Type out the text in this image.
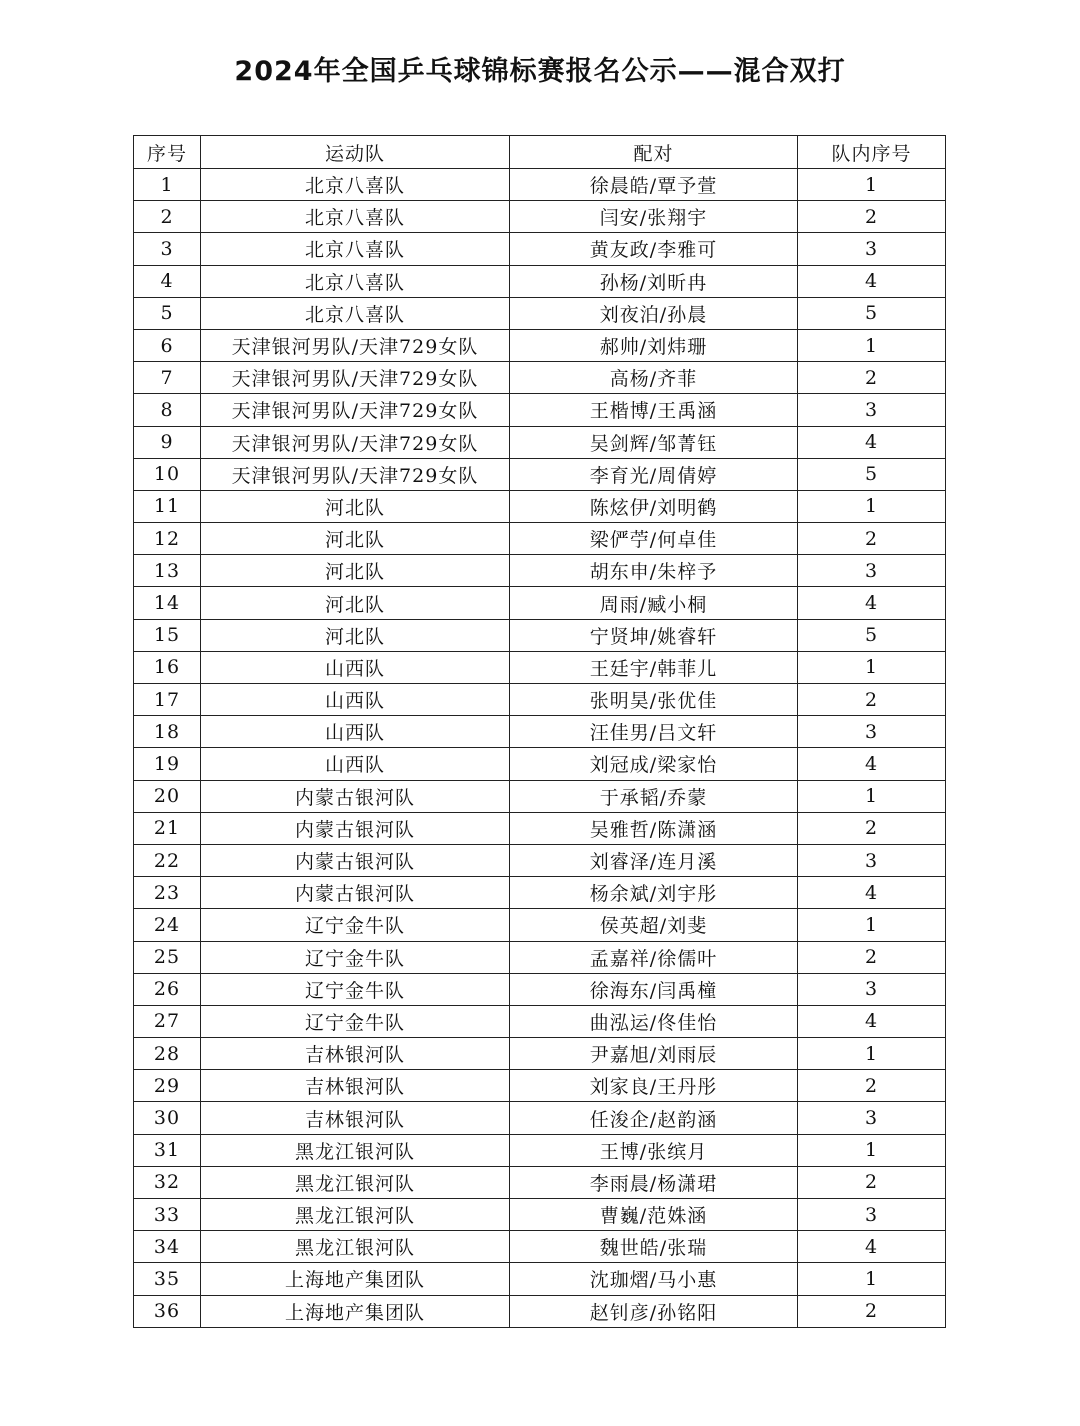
2024年全国乒乓球锦标赛报名公示——混合双打
序号	运动队	配对	队内序号
1	北京八喜队	徐晨皓/覃予萱	1
2	北京八喜队	闫安/张翔宇	2
3	北京八喜队	黄友政/李雅可	3
4	北京八喜队	孙杨/刘昕冉	4
5	北京八喜队	刘夜泊/孙晨	5
6	天津银河男队/天津729女队	郝帅/刘炜珊	1
7	天津银河男队/天津729女队	高杨/齐菲	2
8	天津银河男队/天津729女队	王楷博/王禹涵	3
9	天津银河男队/天津729女队	吴剑辉/邹菁钰	4
10	天津银河男队/天津729女队	李育光/周倩婷	5
11	河北队	陈炫伊/刘明鹤	1
12	河北队	梁俨苧/何卓佳	2
13	河北队	胡东申/朱梓予	3
14	河北队	周雨/臧小桐	4
15	河北队	宁贤坤/姚睿轩	5
16	山西队	王廷宇/韩菲儿	1
17	山西队	张明昊/张优佳	2
18	山西队	汪佳男/吕文轩	3
19	山西队	刘冠成/梁家怡	4
20	内蒙古银河队	于承韬/乔蒙	1
21	内蒙古银河队	吴雅哲/陈潇涵	2
22	内蒙古银河队	刘睿泽/连月溪	3
23	内蒙古银河队	杨余斌/刘宇彤	4
24	辽宁金牛队	侯英超/刘斐	1
25	辽宁金牛队	孟嘉祥/徐儒叶	2
26	辽宁金牛队	徐海东/闫禹橦	3
27	辽宁金牛队	曲泓运/佟佳怡	4
28	吉林银河队	尹嘉旭/刘雨辰	1
29	吉林银河队	刘家良/王丹彤	2
30	吉林银河队	任浚企/赵韵涵	3
31	黑龙江银河队	王博/张缤月	1
32	黑龙江银河队	李雨晨/杨潇珺	2
33	黑龙江银河队	曹巍/范姝涵	3
34	黑龙江银河队	魏世皓/张瑞	4
35	上海地产集团队	沈珈熠/马小惠	1
36	上海地产集团队	赵钊彦/孙铭阳	2
